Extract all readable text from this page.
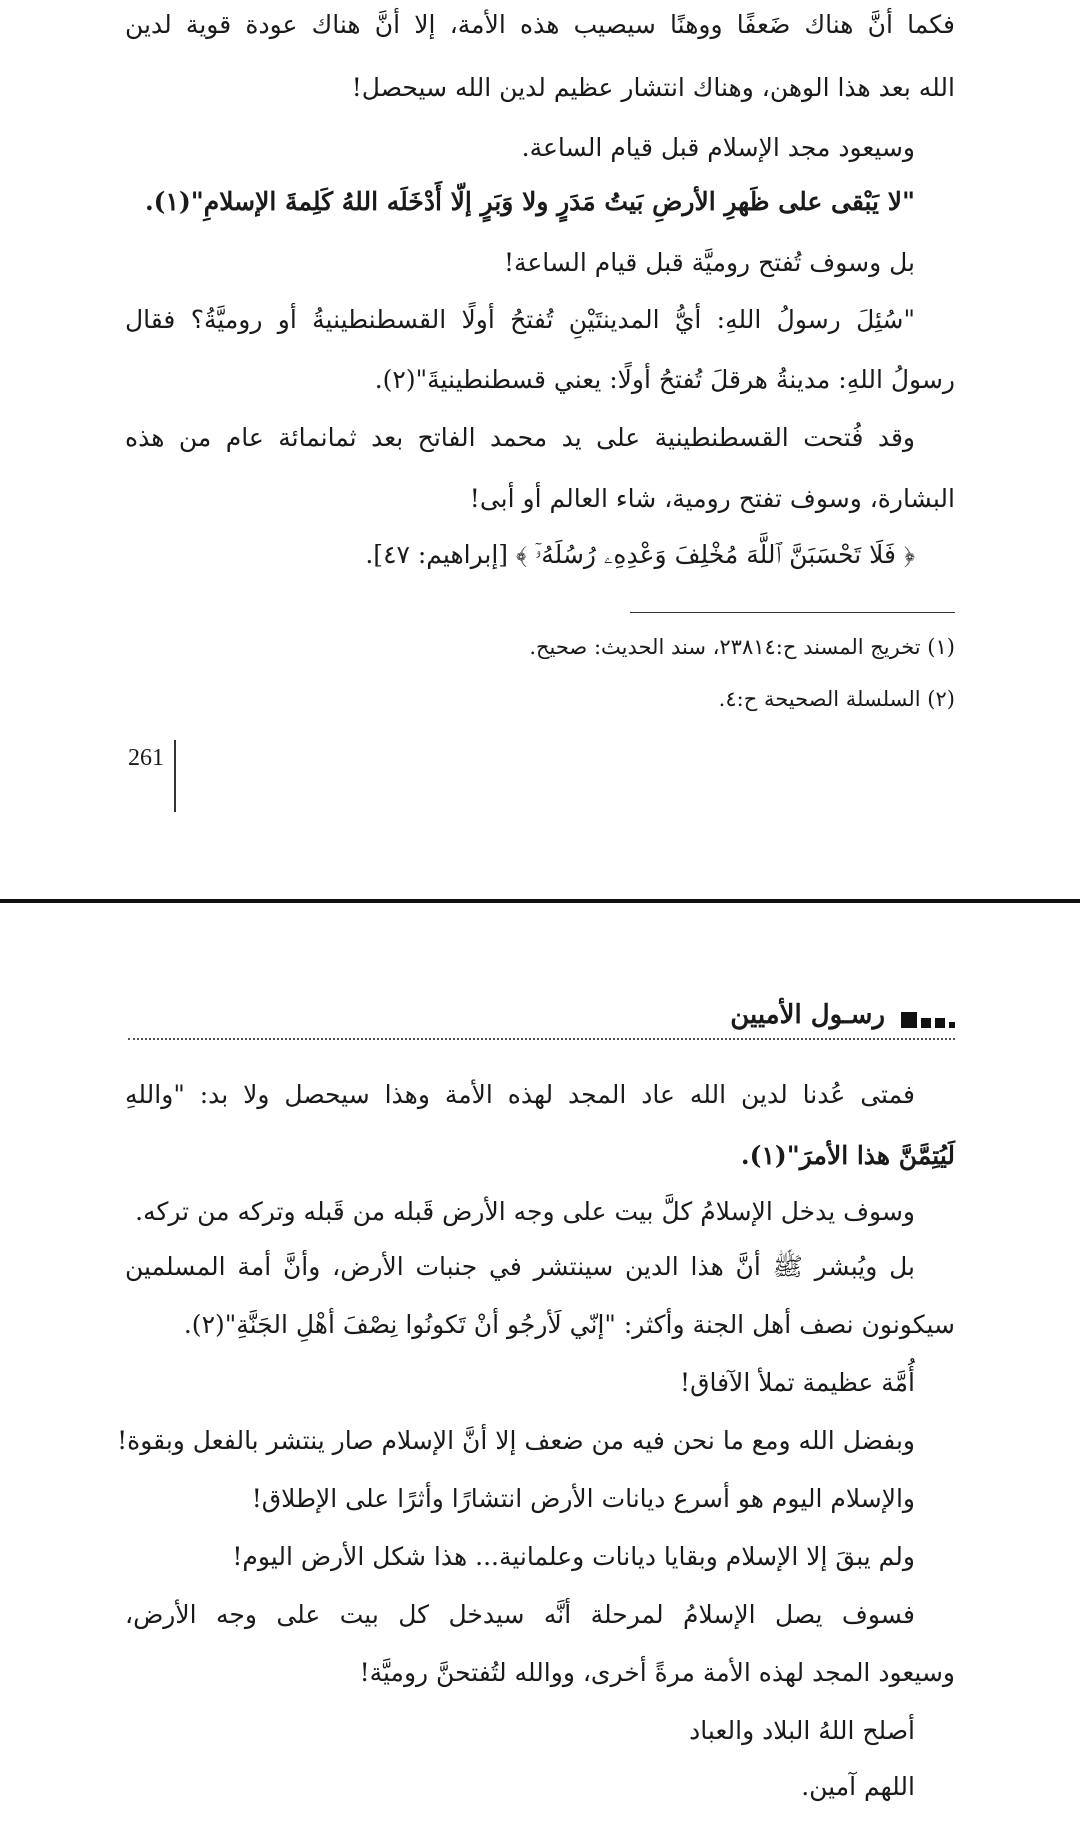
فكما أنَّ هناك ضَعفًا ووهنًا سيصيب هذه الأمة، إلا أنَّ هناك عودة قوية لدين
الله بعد هذا الوهن، وهناك انتشار عظيم لدين الله سيحصل!
وسيعود مجد الإسلام قبل قيام الساعة.
"لا يَبْقى على ظَهرِ الأرضِ بَيتُ مَدَرٍ ولا وَبَرٍ إلّا أَدْخَلَه اللهُ كَلِمةَ الإسلامِ"(١).
بل وسوف تُفتح روميَّة قبل قيام الساعة!
"سُئِلَ رسولُ اللهِ: أيُّ المدينتَيْنِ تُفتحُ أولًا القسطنطينيةُ أو روميَّةُ؟ فقال
رسولُ اللهِ: مدينةُ هرقلَ تُفتحُ أولًا: يعني قسطنطينيةَ"(٢).
وقد فُتحت القسطنطينية على يد محمد الفاتح بعد ثمانمائة عام من هذه
البشارة، وسوف تفتح رومية، شاء العالم أو أبى!
﴿ فَلَا تَحْسَبَنَّ ٱللَّهَ مُخْلِفَ وَعْدِهِۦ رُسُلَهُۥٓ ﴾ [إبراهيم: ٤٧].
(١) تخريج المسند ح:٢٣٨١٤، سند الحديث: صحيح.
(٢) السلسلة الصحيحة ح:٤.
261
رسـول الأميين
فمتى عُدنا لدين الله عاد المجد لهذه الأمة وهذا سيحصل ولا بد: "واللهِ
لَيُتِمَّنَّ هذا الأمرَ"(١).
وسوف يدخل الإسلامُ كلَّ بيت على وجه الأرض قَبله من قَبله وتركه من تركه.
بل ويُبشر ﷺ أنَّ هذا الدين سينتشر في جنبات الأرض، وأنَّ أمة المسلمين
سيكونون نصف أهل الجنة وأكثر: "إنّي لَأرجُو أنْ تَكونُوا نِصْفَ أهْلِ الجَنَّةِ"(٢).
أُمَّة عظيمة تملأ الآفاق!
وبفضل الله ومع ما نحن فيه من ضعف إلا أنَّ الإسلام صار ينتشر بالفعل وبقوة!
والإسلام اليوم هو أسرع ديانات الأرض انتشارًا وأثرًا على الإطلاق!
ولم يبقَ إلا الإسلام وبقايا ديانات وعلمانية... هذا شكل الأرض اليوم!
فسوف يصل الإسلامُ لمرحلة أنَّه سيدخل كل بيت على وجه الأرض،
وسيعود المجد لهذه الأمة مرةً أخرى، ووالله لتُفتحنَّ روميَّة!
أصلح اللهُ البلاد والعباد
اللهم آمين.
